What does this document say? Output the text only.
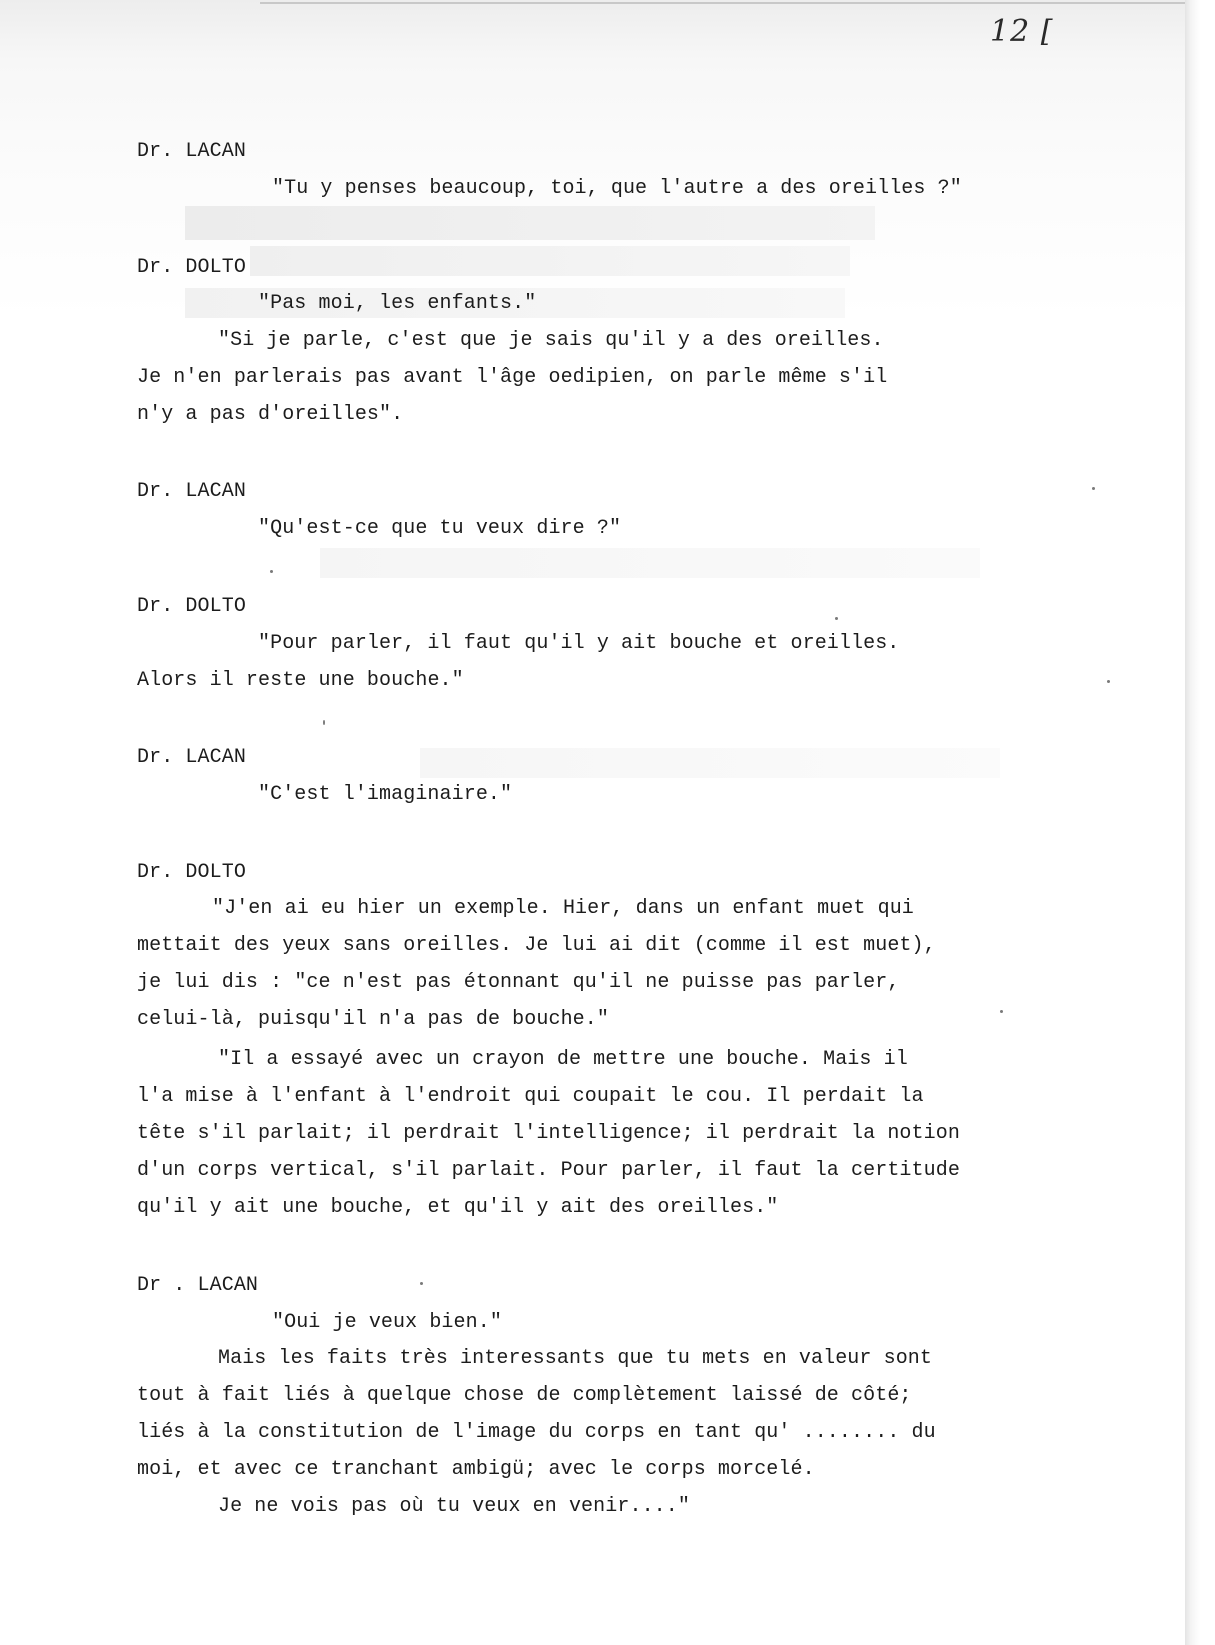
12 [
Dr. LACAN
"Tu y penses beaucoup, toi, que l'autre a des oreilles ?"
Dr. DOLTO
"Pas moi, les enfants."
"Si je parle, c'est que je sais qu'il y a des oreilles.
Je n'en parlerais pas avant l'âge oedipien, on parle même s'il
n'y a pas d'oreilles".
Dr. LACAN
"Qu'est-ce que tu veux dire ?"
Dr. DOLTO
"Pour parler, il faut qu'il y ait bouche et oreilles.
Alors il reste une bouche."
Dr. LACAN
"C'est l'imaginaire."
Dr. DOLTO
"J'en ai eu hier un exemple. Hier, dans un enfant muet qui
mettait des yeux sans oreilles. Je lui ai dit (comme il est muet),
je lui dis : "ce n'est pas étonnant qu'il ne puisse pas parler,
celui-là, puisqu'il n'a pas de bouche."
"Il a essayé avec un crayon de mettre une bouche. Mais il
l'a mise à l'enfant à l'endroit qui coupait le cou. Il perdait la
tête s'il parlait; il perdrait l'intelligence; il perdrait la notion
d'un corps vertical, s'il parlait. Pour parler, il faut la certitude
qu'il y ait une bouche, et qu'il y ait des oreilles."
Dr . LACAN
"Oui je veux bien."
Mais les faits très interessants que tu mets en valeur sont
tout à fait liés à quelque chose de complètement laissé de côté;
liés à la constitution de l'image du corps en tant qu' ........ du
moi, et avec ce tranchant ambigü; avec le corps morcelé.
Je ne vois pas où tu veux en venir...."
